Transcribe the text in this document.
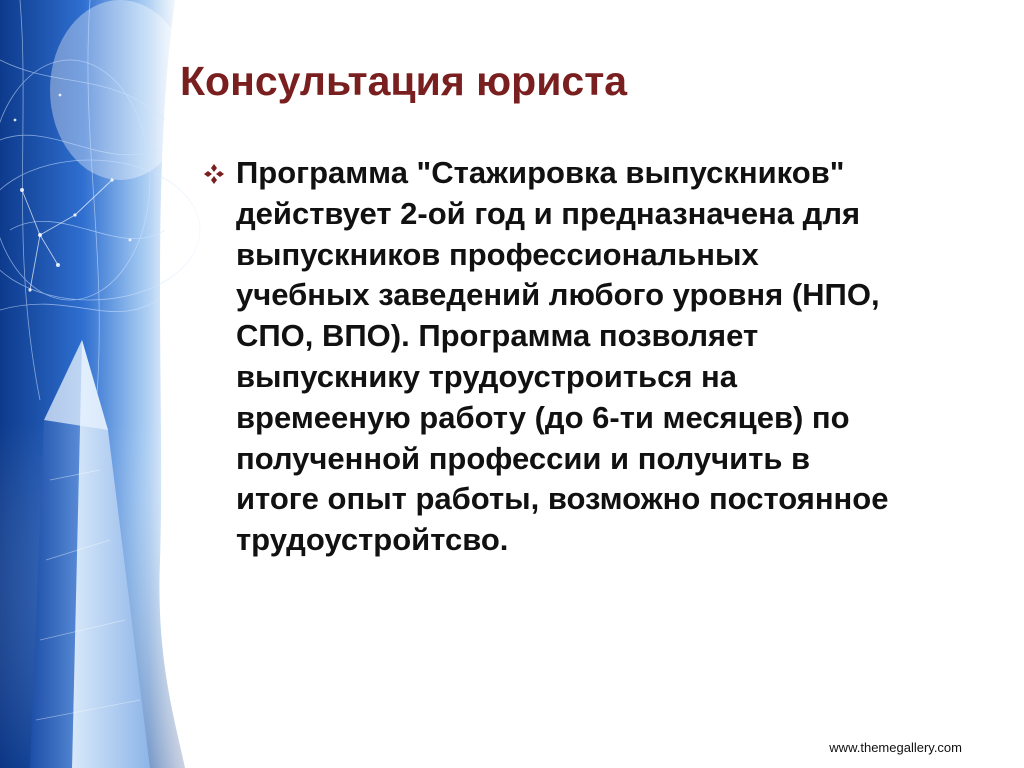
Консультация юриста

Программа "Стажировка выпускников"
действует 2-ой год и предназначена для
выпускников профессиональных
учебных заведений любого уровня (НПО,
СПО, ВПО). Программа позволяет
выпускнику трудоустроиться на
времееную работу (до 6-ти месяцев) по
полученной профессии и получить в
итоге опыт работы, возможно постоянное
трудоустройтсво.

www.themegallery.com
